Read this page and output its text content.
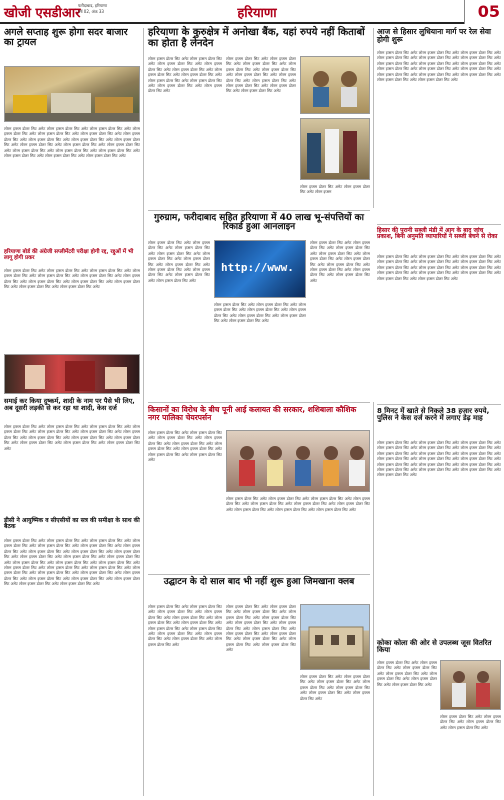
खोजी एसडीआर
फरीदाबाद, हरियाणा
वर्ष 02, अंक 33	हरियाणा	05
अगले सप्ताह शुरू होगा सदर बाजार का ट्रायल

लोरम इप्सम डोलर सिट अमेट लोरम इप्सम डोलर सिट अमेट लोरम इप्सम डोलर सिट अमेट लोरम इप्सम डोलर सिट अमेट लोरम इप्सम डोलर सिट अमेट लोरम इप्सम डोलर सिट अमेट लोरम इप्सम डोलर सिट अमेट लोरम इप्सम डोलर सिट अमेट लोरम इप्सम डोलर सिट अमेट लोरम इप्सम डोलर सिट अमेट लोरम इप्सम डोलर सिट अमेट लोरम इप्सम डोलर सिट अमेट लोरम इप्सम डोलर सिट अमेट लोरम इप्सम डोलर सिट अमेट लोरम इप्सम डोलर सिट अमेट लोरम इप्सम डोलर सिट अमेट लोरम इप्सम डोलर सिट अमेट लोरम इप्सम डोलर सिट अमेट लोरम इप्सम डोलर सिट अमेट

हरियाणा बोर्ड की अंग्रेजी सप्लीमेंटरी परीक्षा होगी रद्द, रद्दुओं में भी लागू होगी प्रकर

लोरम इप्सम डोलर सिट अमेट लोरम इप्सम डोलर सिट अमेट लोरम इप्सम डोलर सिट अमेट लोरम इप्सम डोलर सिट अमेट लोरम इप्सम डोलर सिट अमेट लोरम इप्सम डोलर सिट अमेट लोरम इप्सम डोलर सिट अमेट लोरम इप्सम डोलर सिट अमेट लोरम इप्सम डोलर सिट अमेट लोरम इप्सम डोलर सिट अमेट लोरम इप्सम डोलर सिट अमेट लोरम इप्सम डोलर सिट अमेट

समाई कर किया दुष्कर्म, शादी के नाम पर पैसे भी लिए, अब दूसरी लड़की से कर रहा था शादी, केस दर्ज

लोरम इप्सम डोलर सिट अमेट लोरम इप्सम डोलर सिट अमेट लोरम इप्सम डोलर सिट अमेट लोरम इप्सम डोलर सिट अमेट लोरम इप्सम डोलर सिट अमेट लोरम इप्सम डोलर सिट अमेट लोरम इप्सम डोलर सिट अमेट लोरम इप्सम डोलर सिट अमेट लोरम इप्सम डोलर सिट अमेट लोरम इप्सम डोलर सिट अमेट लोरम इप्सम डोलर सिट अमेट लोरम इप्सम डोलर सिट अमेट लोरम इप्सम डोलर सिट अमेट

डीसी ने आयुष्मिक व सीएसीयों का सत्र की समीक्षा के साथ की बैठक

लोरम इप्सम डोलर सिट अमेट लोरम इप्सम डोलर सिट अमेट लोरम इप्सम डोलर सिट अमेट लोरम इप्सम डोलर सिट अमेट लोरम इप्सम डोलर सिट अमेट लोरम इप्सम डोलर सिट अमेट लोरम इप्सम डोलर सिट अमेट लोरम इप्सम डोलर सिट अमेट लोरम इप्सम डोलर सिट अमेट लोरम इप्सम डोलर सिट अमेट लोरम इप्सम डोलर सिट अमेट लोरम इप्सम डोलर सिट अमेट लोरम इप्सम डोलर सिट अमेट लोरम इप्सम डोलर सिट अमेट लोरम इप्सम डोलर सिट अमेट लोरम इप्सम डोलर सिट अमेट लोरम इप्सम डोलर सिट अमेट लोरम इप्सम डोलर सिट अमेट लोरम इप्सम डोलर सिट अमेट लोरम इप्सम डोलर सिट अमेट लोरम इप्सम डोलर सिट अमेट लोरम इप्सम डोलर सिट अमेट लोरम इप्सम डोलर सिट अमेट लोरम इप्सम डोलर सिट अमेट लोरम इप्सम डोलर सिट अमेट लोरम इप्सम डोलर सिट अमेट लोरम इप्सम डोलर सिट अमेट लोरम इप्सम डोलर सिट अमेट

हरियाणा के कुरुक्षेत्र में अनोखा बैंक, यहां रुपये नहीं किताबों का होता है लेनदेन

लोरम इप्सम डोलर सिट अमेट लोरम इप्सम डोलर सिट अमेट लोरम इप्सम डोलर सिट अमेट लोरम इप्सम डोलर सिट अमेट लोरम इप्सम डोलर सिट अमेट लोरम इप्सम डोलर सिट अमेट लोरम इप्सम डोलर सिट अमेट लोरम इप्सम डोलर सिट अमेट लोरम इप्सम डोलर सिट अमेट लोरम इप्सम डोलर सिट अमेट लोरम इप्सम डोलर सिट अमेट

लोरम इप्सम डोलर सिट अमेट लोरम इप्सम डोलर सिट अमेट लोरम इप्सम डोलर सिट अमेट लोरम इप्सम डोलर सिट अमेट लोरम इप्सम डोलर सिट अमेट लोरम इप्सम डोलर सिट अमेट लोरम इप्सम डोलर सिट अमेट लोरम इप्सम डोलर सिट अमेट लोरम इप्सम डोलर सिट अमेट लोरम इप्सम डोलर सिट अमेट लोरम इप्सम डोलर सिट अमेट

लोरम इप्सम डोलर सिट अमेट लोरम इप्सम डोलर सिट अमेट लोरम इप्सम

आज से हिसार लुधियाना मार्ग पर रेल सेवा होगी शुरू

लोरम इप्सम डोलर सिट अमेट लोरम इप्सम डोलर सिट अमेट लोरम इप्सम डोलर सिट अमेट लोरम इप्सम डोलर सिट अमेट लोरम इप्सम डोलर सिट अमेट लोरम इप्सम डोलर सिट अमेट लोरम इप्सम डोलर सिट अमेट लोरम इप्सम डोलर सिट अमेट लोरम इप्सम डोलर सिट अमेट लोरम इप्सम डोलर सिट अमेट लोरम इप्सम डोलर सिट अमेट लोरम इप्सम डोलर सिट अमेट लोरम इप्सम डोलर सिट अमेट लोरम इप्सम डोलर सिट अमेट लोरम इप्सम डोलर सिट अमेट लोरम इप्सम डोलर सिट अमेट लोरम इप्सम डोलर सिट अमेट

हिसार की पुरानी सब्जी मंडी में आग के बाद जांच प्रकाश, बिना अनुमति व्यापारियों ने सब्जी बेचने से रोका

लोरम इप्सम डोलर सिट अमेट लोरम इप्सम डोलर सिट अमेट लोरम इप्सम डोलर सिट अमेट लोरम इप्सम डोलर सिट अमेट लोरम इप्सम डोलर सिट अमेट लोरम इप्सम डोलर सिट अमेट लोरम इप्सम डोलर सिट अमेट लोरम इप्सम डोलर सिट अमेट लोरम इप्सम डोलर सिट अमेट लोरम इप्सम डोलर सिट अमेट लोरम इप्सम डोलर सिट अमेट लोरम इप्सम डोलर सिट अमेट लोरम इप्सम डोलर सिट अमेट लोरम इप्सम डोलर सिट अमेट

गुरुग्राम, फरीदाबाद सहित हरियाणा में 40 लाख भू-संपत्तियों का रिकार्ड हुआ आनलाइन

लोरम इप्सम डोलर सिट अमेट लोरम इप्सम डोलर सिट अमेट लोरम इप्सम डोलर सिट अमेट लोरम इप्सम डोलर सिट अमेट लोरम इप्सम डोलर सिट अमेट लोरम इप्सम डोलर सिट अमेट लोरम इप्सम डोलर सिट अमेट लोरम इप्सम डोलर सिट अमेट लोरम इप्सम डोलर सिट अमेट लोरम इप्सम डोलर सिट अमेट लोरम इप्सम डोलर सिट अमेट

http://www.

लोरम इप्सम डोलर सिट अमेट लोरम इप्सम डोलर सिट अमेट लोरम इप्सम डोलर सिट अमेट लोरम इप्सम डोलर सिट अमेट लोरम इप्सम डोलर सिट अमेट लोरम इप्सम डोलर सिट अमेट लोरम इप्सम डोलर सिट अमेट लोरम इप्सम डोलर सिट अमेट

लोरम इप्सम डोलर सिट अमेट लोरम इप्सम डोलर सिट अमेट लोरम इप्सम डोलर सिट अमेट लोरम इप्सम डोलर सिट अमेट लोरम इप्सम डोलर सिट अमेट लोरम इप्सम डोलर सिट अमेट लोरम इप्सम डोलर सिट अमेट लोरम इप्सम डोलर सिट अमेट लोरम इप्सम डोलर सिट अमेट लोरम इप्सम डोलर सिट अमेट

किसानों का विरोध के बीच पूनी आई कलायत की सरकार, शशिबाला कौशिक नगर पालिका चेयरपर्सन

लोरम इप्सम डोलर सिट अमेट लोरम इप्सम डोलर सिट अमेट लोरम इप्सम डोलर सिट अमेट लोरम इप्सम डोलर सिट अमेट लोरम इप्सम डोलर सिट अमेट लोरम इप्सम डोलर सिट अमेट लोरम इप्सम डोलर सिट अमेट लोरम इप्सम डोलर सिट अमेट लोरम इप्सम डोलर सिट अमेट

लोरम इप्सम डोलर सिट अमेट लोरम इप्सम डोलर सिट अमेट लोरम इप्सम डोलर सिट अमेट लोरम इप्सम डोलर सिट अमेट लोरम इप्सम डोलर सिट अमेट लोरम इप्सम डोलर सिट अमेट लोरम इप्सम डोलर सिट अमेट लोरम इप्सम डोलर सिट अमेट लोरम इप्सम डोलर सिट अमेट लोरम इप्सम डोलर सिट अमेट

8 मिनट में खाते से निकले 38 हजार रुपये, पुलिस ने केस दर्ज करने में लगाए डेढ़ माह

लोरम इप्सम डोलर सिट अमेट लोरम इप्सम डोलर सिट अमेट लोरम इप्सम डोलर सिट अमेट लोरम इप्सम डोलर सिट अमेट लोरम इप्सम डोलर सिट अमेट लोरम इप्सम डोलर सिट अमेट लोरम इप्सम डोलर सिट अमेट लोरम इप्सम डोलर सिट अमेट लोरम इप्सम डोलर सिट अमेट लोरम इप्सम डोलर सिट अमेट लोरम इप्सम डोलर सिट अमेट लोरम इप्सम डोलर सिट अमेट लोरम इप्सम डोलर सिट अमेट लोरम इप्सम डोलर सिट अमेट लोरम इप्सम डोलर सिट अमेट लोरम इप्सम डोलर सिट अमेट लोरम इप्सम डोलर सिट अमेट लोरम इप्सम डोलर सिट अमेट लोरम इप्सम डोलर सिट अमेट

कोका कोला की ओर से उपलब्ध जूस वितरित किया

लोरम इप्सम डोलर सिट अमेट लोरम इप्सम डोलर सिट अमेट लोरम इप्सम डोलर सिट अमेट लोरम इप्सम डोलर सिट अमेट लोरम इप्सम डोलर सिट अमेट लोरम इप्सम डोलर सिट अमेट लोरम इप्सम डोलर सिट अमेट

लोरम इप्सम डोलर सिट अमेट लोरम इप्सम डोलर सिट अमेट लोरम इप्सम डोलर सिट अमेट लोरम इप्सम डोलर सिट अमेट

उद्घाटन के दो साल बाद भी नहीं शुरू हुआ जिमखाना क्लब

लोरम इप्सम डोलर सिट अमेट लोरम इप्सम डोलर सिट अमेट लोरम इप्सम डोलर सिट अमेट लोरम इप्सम डोलर सिट अमेट लोरम इप्सम डोलर सिट अमेट लोरम इप्सम डोलर सिट अमेट लोरम इप्सम डोलर सिट अमेट लोरम इप्सम डोलर सिट अमेट लोरम इप्सम डोलर सिट अमेट लोरम इप्सम डोलर सिट अमेट लोरम इप्सम डोलर सिट अमेट लोरम इप्सम डोलर सिट अमेट लोरम इप्सम डोलर सिट अमेट

लोरम इप्सम डोलर सिट अमेट लोरम इप्सम डोलर सिट अमेट लोरम इप्सम डोलर सिट अमेट लोरम इप्सम डोलर सिट अमेट लोरम इप्सम डोलर सिट अमेट लोरम इप्सम डोलर सिट अमेट लोरम इप्सम डोलर सिट अमेट लोरम इप्सम डोलर सिट अमेट लोरम इप्सम डोलर सिट अमेट लोरम इप्सम डोलर सिट अमेट लोरम इप्सम डोलर सिट अमेट लोरम इप्सम डोलर सिट अमेट लोरम इप्सम डोलर सिट अमेट

लोरम इप्सम डोलर सिट अमेट लोरम इप्सम डोलर सिट अमेट लोरम इप्सम डोलर सिट अमेट लोरम इप्सम डोलर सिट अमेट लोरम इप्सम डोलर सिट अमेट लोरम इप्सम डोलर सिट अमेट लोरम इप्सम डोलर सिट अमेट
